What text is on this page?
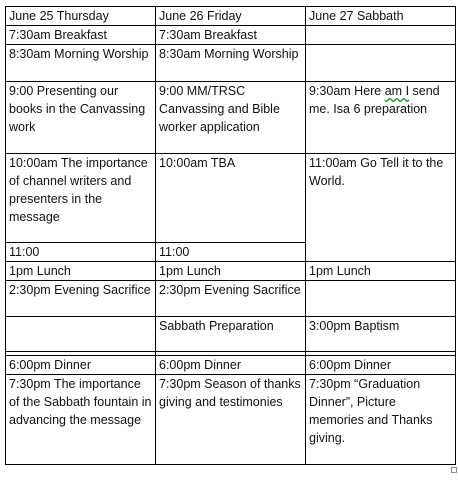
June 25 Thursday	June 26 Friday	June 27 Sabbath
7:30am Breakfast	7:30am Breakfast	
8:30am Morning Worship	8:30am Morning Worship	
9:00 Presenting our books in the Canvassing work	9:00 MM/TRSC Canvassing and Bible worker application	9:30am Here am I send me. Isa 6 preparation
10:00am The importance of channel writers and presenters in the message	10:00am TBA	11:00am Go Tell it to the World.
11:00	11:00	
1pm Lunch	1pm Lunch	1pm Lunch
2:30pm Evening Sacrifice	2:30pm Evening Sacrifice	
	Sabbath Preparation	3:00pm Baptism

6:00pm Dinner	6:00pm Dinner	6:00pm Dinner
7:30pm The importance of the Sabbath fountain in advancing the message	7:30pm Season of thanks giving and testimonies	7:30pm “Graduation Dinner”, Picture memories and Thanks giving.
